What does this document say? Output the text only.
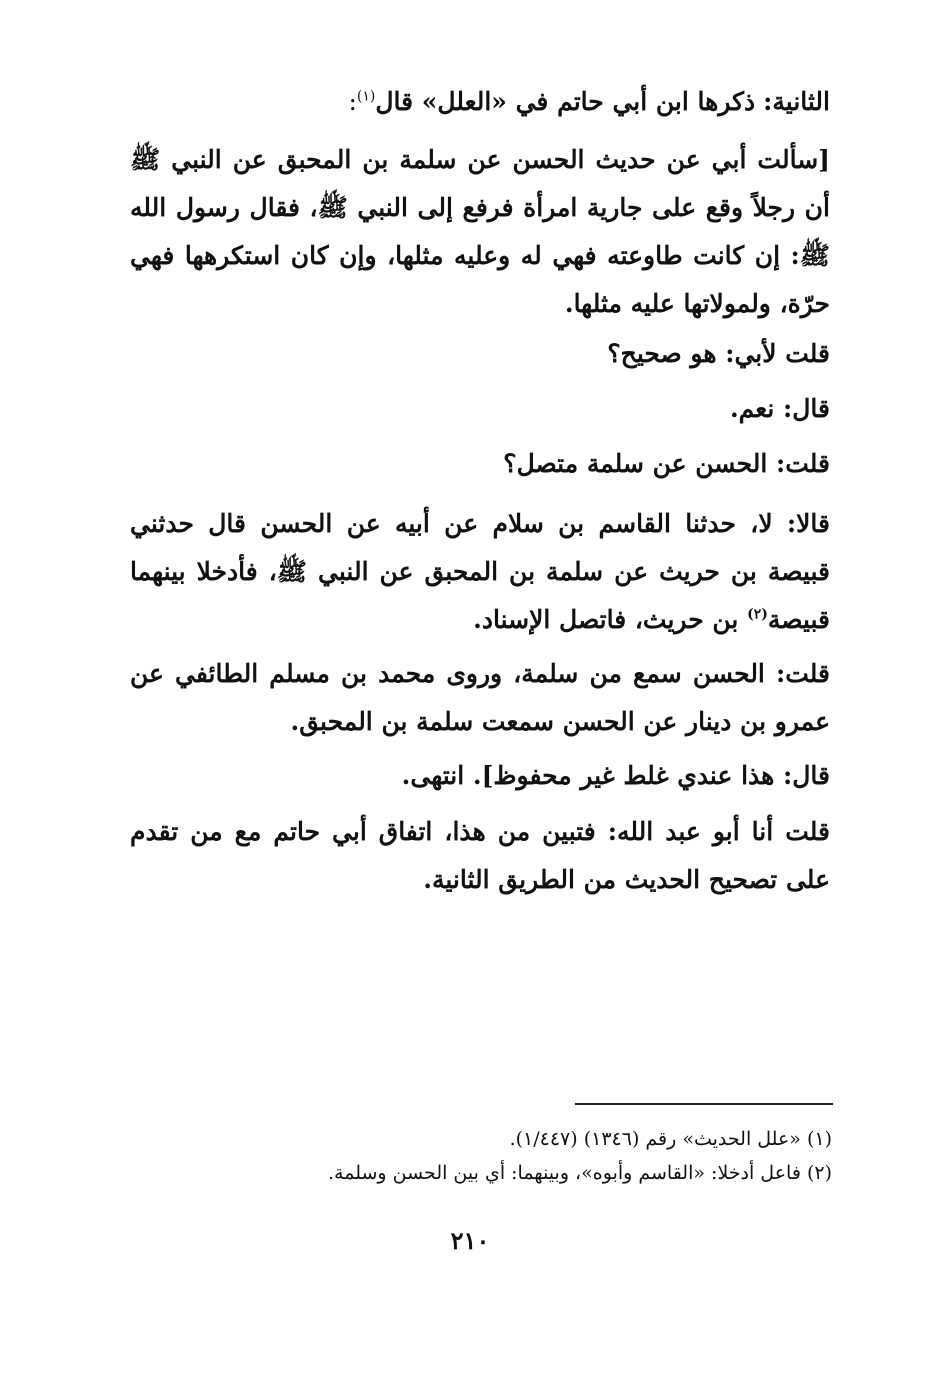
الثانية: ذكرها ابن أبي حاتم في «العلل» قال$^{(١)}$:
[سألت أبي عن حديث الحسن عن سلمة بن المحبق عن النبي ﷺ أن رجلاً وقع على جارية امرأة فرفع إلى النبي ﷺ، فقال رسول الله ﷺ: إن كانت طاوعته فهي له وعليه مثلها، وإن كان استكرهها فهي حرّة، ولمولاتها عليه مثلها.
قلت لأبي: هو صحيح؟
قال: نعم.
قلت: الحسن عن سلمة متصل؟
قالا: لا، حدثنا القاسم بن سلام عن أبيه عن الحسن قال حدثني قبيصة بن حريث عن سلمة بن المحبق عن النبي ﷺ، فأدخلا بينهما قبيصة$^{(٢)}$ بن حريث، فاتصل الإسناد.
قلت: الحسن سمع من سلمة، وروى محمد بن مسلم الطائفي عن عمرو بن دينار عن الحسن سمعت سلمة بن المحبق.
قال: هذا عندي غلط غير محفوظ]. انتهى.
قلت أنا أبو عبد الله: فتبين من هذا، اتفاق أبي حاتم مع من تقدم على تصحيح الحديث من الطريق الثانية.
(١) «علل الحديث» رقم (١٣٤٦) (١/٤٤٧).
(٢) فاعل أدخلا: «القاسم وأبوه»، وبينهما: أي بين الحسن وسلمة.
٢١٠
